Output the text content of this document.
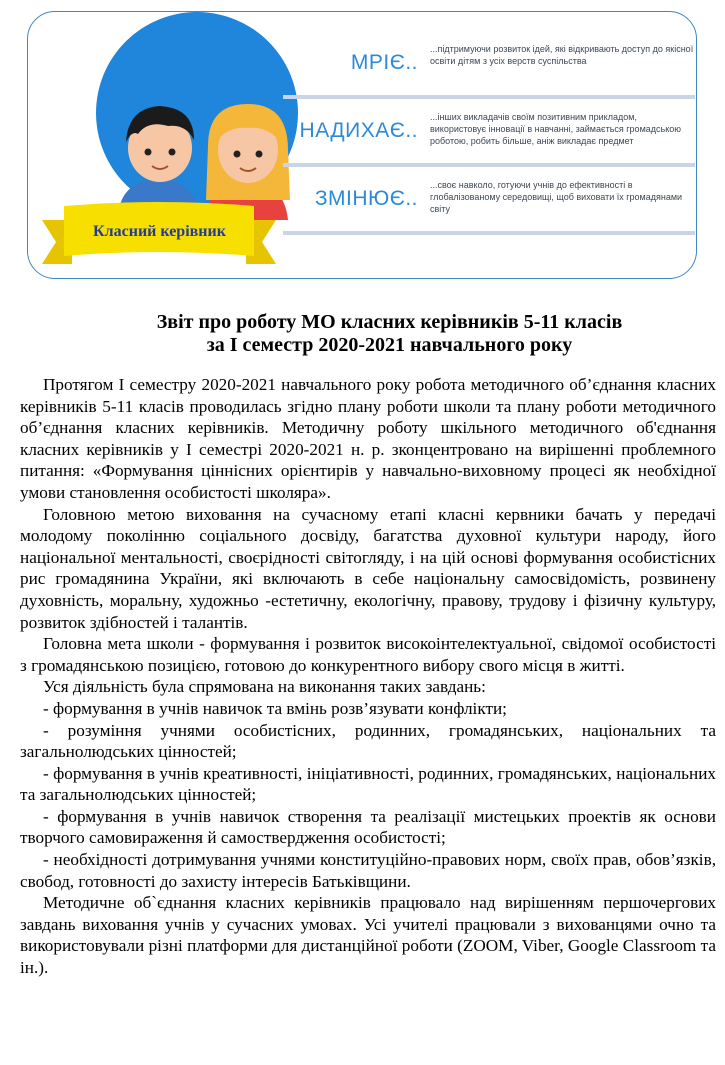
Класний керівник
МРІЄ..
...підтримуючи розвиток ідей, які відкривають доступ до якісної освіти дітям з усіх верств суспільства
НАДИХАЄ..
...інших викладачів своїм позитивним прикладом, використовує інновації в навчанні, займається громадською роботою, робить більше, аніж викладає предмет
ЗМІНЮЄ..
...своє навколо, готуючи учнів до ефективності в глобалізованому середовищі, щоб виховати їх громадянами світу
Звіт про роботу МО класних керівників 5-11 класів
за І семестр 2020-2021 навчального року

Протягом І семестру 2020-2021 навчального року робота методичного об’єднання класних керівників 5-11 класів проводилась згідно плану роботи школи та плану роботи методичного об’єднання класних керівників. Методичну роботу шкільного методичного об'єднання класних керівників у І семестрі 2020-2021 н. р. зконцентровано на вирішенні проблемного питання: «Формування ціннісних орієнтирів у навчально-виховному процесі як необхідної умови становлення особистості школяра».

Головною метою виховання на сучасному етапі класні кервники бачать у передачі молодому поколінню соціального досвіду, багатства духовної культури народу, його національної ментальності, своєрідності світогляду, і на цій основі формування особистісних рис громадянина України, які включають в себе національну самосвідомість, розвинену духовність, моральну, художньо -естетичну, екологічну, правову, трудову і фізичну культуру, розвиток здібностей і талантів.

Головна мета школи - формування і розвиток високоінтелектуальної, свідомої особистості з громадянською позицією, готовою до конкурентного вибору свого місця в житті.

Уся діяльність була спрямована на виконання таких завдань:

- формування в учнів навичок та вмінь розв’язувати конфлікти;

- розуміння учнями особистісних, родинних, громадянських, національних та загальнолюдських цінностей;

- формування в учнів креативності, ініціативності, родинних, громадянських, національних та загальнолюдських цінностей;

- формування в учнів навичок створення та реалізації мистецьких проектів як основи творчого самовираження й самоствердження особистості;

- необхідності дотримування учнями конституційно-правових норм, своїх прав, обов’язків, свобод, готовності до захисту інтересів Батьківщини.

Методичне об`єднання класних керівників працювало над вирішенням першочергових завдань виховання учнів у сучасних умовах. Усі учителі працювали з вихованцями очно та використовували різні платформи для дистанційної роботи (ZOOM, Viber, Google Classroom та ін.).
